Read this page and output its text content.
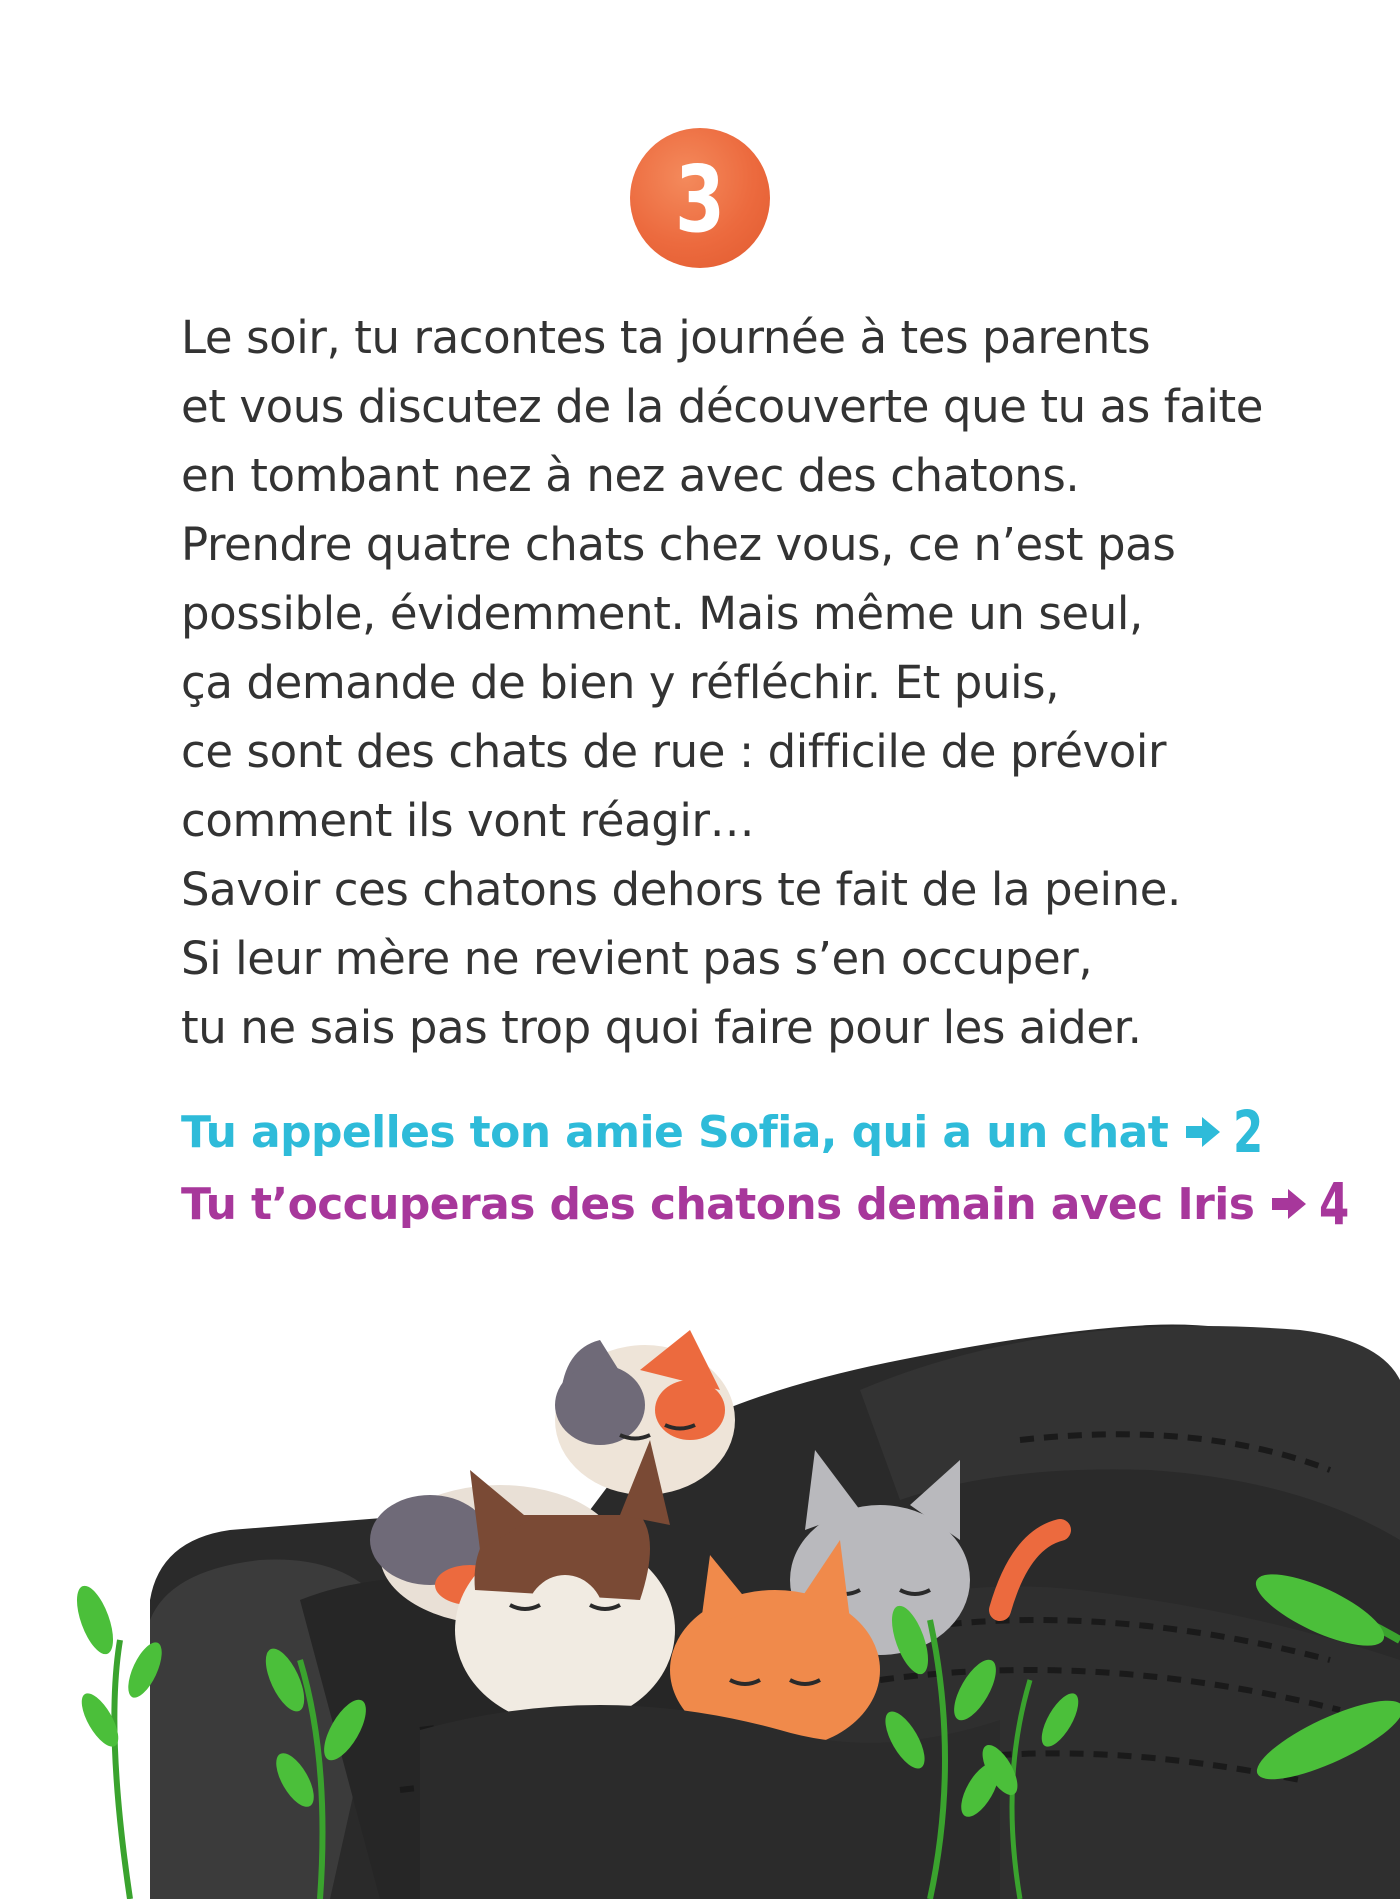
3
Le soir, tu racontes ta journée à tes parents
et vous discutez de la découverte que tu as faite
en tombant nez à nez avec des chatons.
Prendre quatre chats chez vous, ce n’est pas
possible, évidemment. Mais même un seul,
ça demande de bien y réfléchir. Et puis,
ce sont des chats de rue : difficile de prévoir
comment ils vont réagir…
Savoir ces chatons dehors te fait de la peine.
Si leur mère ne revient pas s’en occuper,
tu ne sais pas trop quoi faire pour les aider.
Tu appelles ton amie Sofia, qui a un chat 2
Tu t’occuperas des chatons demain avec Iris 4
